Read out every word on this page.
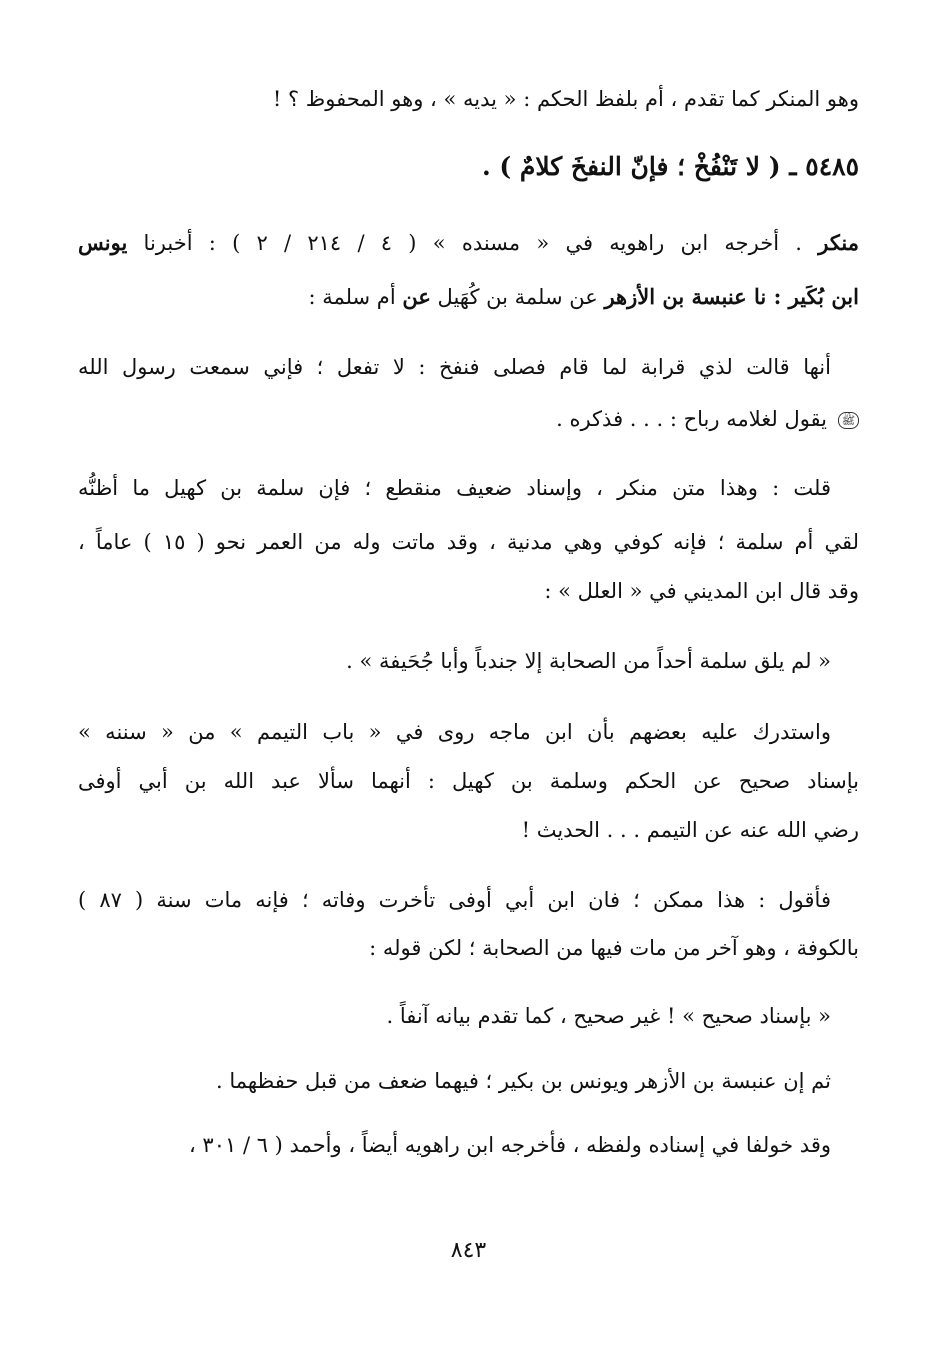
وهو المنكر كما تقدم ، أم بلفظ الحكم : « يديه » ، وهو المحفوظ ؟ !
٥٤٨٥ ـ ( لا تَنْفُخْ ؛ فإنّ النفخَ كلامٌ ) .
منكر . أخرجه ابن راهويه في « مسنده » ( ٤ / ٢١٤ / ٢ ) : أخبرنا يونس
ابن بُكَير : نا عنبسة بن الأزهر عن سلمة بن كُهَيل عن أم سلمة :
أنها قالت لذي قرابة لما قام فصلى فنفخ : لا تفعل ؛ فإني سمعت رسول الله
ﷺ يقول لغلامه رباح : . . . فذكره .
قلت : وهذا متن منكر ، وإسناد ضعيف منقطع ؛ فإن سلمة بن كهيل ما أظنُّه
لقي أم سلمة ؛ فإنه كوفي وهي مدنية ، وقد ماتت وله من العمر نحو ( ١٥ ) عاماً ،
وقد قال ابن المديني في « العلل » :
« لم يلق سلمة أحداً من الصحابة إلا جندباً وأبا جُحَيفة » .
واستدرك عليه بعضهم بأن ابن ماجه روى في « باب التيمم » من « سننه »
بإسناد صحيح عن الحكم وسلمة بن كهيل : أنهما سألا عبد الله بن أبي أوفى
رضي الله عنه عن التيمم . . . الحديث !
فأقول : هذا ممكن ؛ فان ابن أبي أوفى تأخرت وفاته ؛ فإنه مات سنة ( ٨٧ )
بالكوفة ، وهو آخر من مات فيها من الصحابة ؛ لكن قوله :
« بإسناد صحيح » ! غير صحيح ، كما تقدم بيانه آنفاً .
ثم إن عنبسة بن الأزهر ويونس بن بكير ؛ فيهما ضعف من قبل حفظهما .
وقد خولفا في إسناده ولفظه ، فأخرجه ابن راهويه أيضاً ، وأحمد ( ٦ / ٣٠١ ،
٨٤٣
